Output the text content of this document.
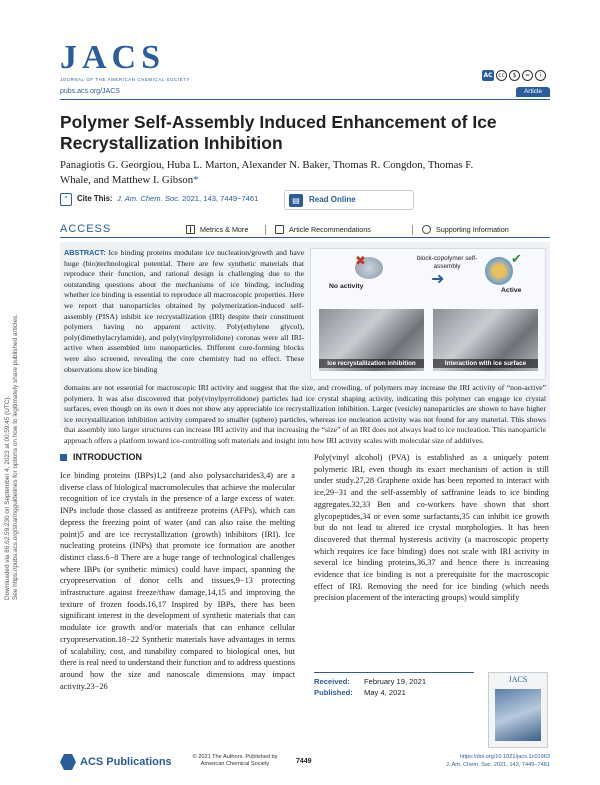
Downloaded via 86.62.59.230 on September 4, 2023 at 00:59:45 (UTC). See https://pubs.acs.org/sharingguidelines for options on how to legitimately share published articles.
JACS
JOURNAL OF THE AMERICAN CHEMICAL SOCIETY
AC cc	$	=	i
pubs.acs.org/JACS	Article
Polymer Self-Assembly Induced Enhancement of Ice Recrystallization Inhibition
Panagiotis G. Georgiou, Huba L. Marton, Alexander N. Baker, Thomas R. Congdon, Thomas F. Whale, and Matthew I. Gibson*
“	Cite This: J. Am. Chem. Soc. 2021, 143, 7449−7461	▤	Read Online
ACCESS	❙ Metrics & More	Article Recommendations	Supporting Information

ABSTRACT: Ice binding proteins modulate ice nucleation/growth and have huge (bio)technological potential. There are few synthetic materials that reproduce their function, and rational design is challenging due to the outstanding questions about the mechanisms of ice binding, including whether ice binding is essential to reproduce all macroscopic properties. Here we report that nanoparticles obtained by polymerization-induced self-assembly (PISA) inhibit ice recrystallization (IRI) despite their constituent polymers having no apparent activity. Poly(ethylene glycol), poly(dimethylacrylamide), and poly(vinylpyrrolidone) coronas were all IRI-active when assembled into nanoparticles. Different core-forming blocks were also screened, revealing the core chemistry had no effect. These observations show ice binding

✖
No activity
block-copolymer self-assembly
➜
✔
Active
Ice recrystallization inhibition	Interaction with ice surface

domains are not essential for macroscopic IRI activity and suggest that the size, and crowding, of polymers may increase the IRI activity of “non-active” polymers. It was also discovered that poly(vinylpyrrolidone) particles had ice crystal shaping activity, indicating this polymer can engage ice crystal surfaces, even though on its own it does not show any appreciable ice recrystallization inhibition. Larger (vesicle) nanoparticles are shown to have higher ice recrystallization inhibition activity compared to smaller (sphere) particles, whereas ice nucleation activity was not found for any material. This shows that assembly into larger structures can increase IRI activity and that increasing the “size” of an IRI does not always lead to ice nucleation. This nanoparticle approach offers a platform toward ice-controlling soft materials and insight into how IRI activity scales with molecular size of additives.

INTRODUCTION

Ice binding proteins (IBPs)1,2 (and also polysaccharides3,4) are a diverse class of biological macromolecules that achieve the molecular recognition of ice crystals in the presence of a large excess of water. INPs include those classed as antifreeze proteins (AFPs), which can depress the freezing point of water (and can also raise the melting point)5 and are ice recrystallization (growth) inhibitors (IRI). Ice nucleating proteins (INPs) that promote ice formation are another distinct class.6−8 There are a huge range of technological challenges where IBPs (or synthetic mimics) could have impact, spanning the cryopreservation of donor cells and tissues,9−13 protecting infrastructure against freeze/thaw damage,14,15 and improving the texture of frozen foods.16,17 Inspired by IBPs, there has been significant interest in the development of synthetic materials that can modulate ice growth and/or materials that can enhance cellular cryopreservation.18−22 Synthetic materials have advantages in terms of scalability, cost, and tunability compared to biological ones, but there is real need to understand their function and to address questions around how the size and nanoscale dimensions may impact activity.23−26

Poly(vinyl alcohol) (PVA) is established as a uniquely potent polymeric IRI, even though its exact mechanism of action is still under study.27,28 Graphene oxide has been reported to interact with ice,29−31 and the self-assembly of saffranine leads to ice binding aggregates.32,33 Ben and co-workers have shown that short glycopeptides,34 or even some surfactants,35 can inhibit ice growth but do not lead to altered ice crystal morphologies. It has been discovered that thermal hysteresis activity (a macroscopic property which requires ice face binding) does not scale with IRI activity in several ice binding proteins,36,37 and hence there is increasing evidence that ice binding is not a prerequisite for the macroscopic effect of IRI. Removing the need for ice binding (which needs precision placement of the interacting groups) would simplify

Received: February 19, 2021
Published: May 4, 2021
JACS
ACS Publications	© 2021 The Authors. Published by American Chemical Society	7449
https://doi.org/10.1021/jacs.1c01963
J. Am. Chem. Soc. 2021, 143, 7449−7461
